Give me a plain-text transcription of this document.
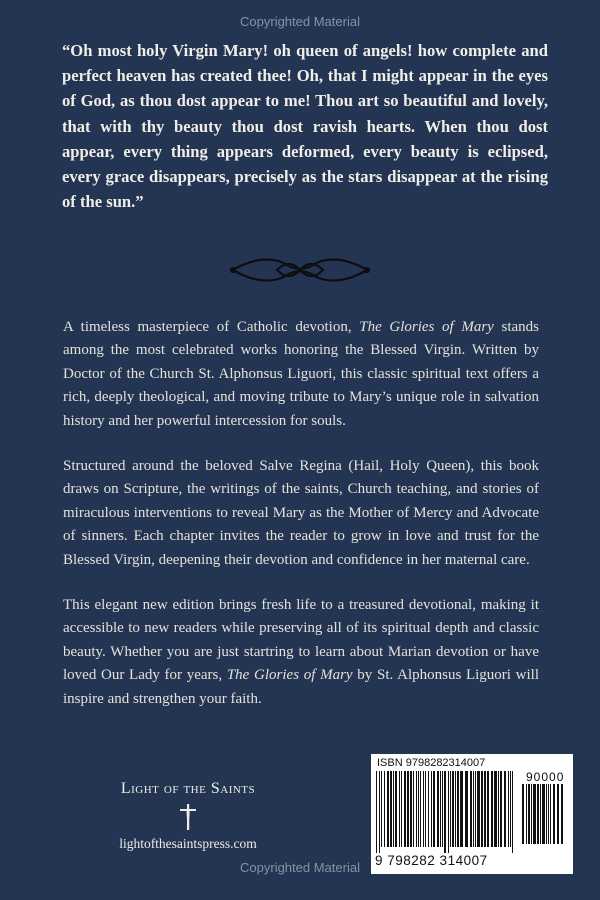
Copyrighted Material
“Oh most holy Virgin Mary! oh queen of angels! how complete and perfect heaven has created thee! Oh, that I might appear in the eyes of God, as thou dost appear to me! Thou art so beautiful and lovely, that with thy beauty thou dost ravish hearts. When thou dost appear, every thing appears deformed, every beauty is eclipsed, every grace disappears, precisely as the stars disappear at the rising of the sun.”

A timeless masterpiece of Catholic devotion, The Glories of Mary stands among the most celebrated works honoring the Blessed Virgin. Written by Doctor of the Church St. Alphonsus Liguori, this classic spiritual text offers a rich, deeply theological, and moving tribute to Mary’s unique role in salvation history and her powerful intercession for souls.

Structured around the beloved Salve Regina (Hail, Holy Queen), this book draws on Scripture, the writings of the saints, Church teaching, and stories of miraculous interventions to reveal Mary as the Mother of Mercy and Advocate of sinners. Each chapter invites the reader to grow in love and trust for the Blessed Virgin, deepening their devotion and confidence in her maternal care.

This elegant new edition brings fresh life to a treasured devotional, making it accessible to new readers while preserving all of its spiritual depth and classic beauty. Whether you are just startring to learn about Marian devotion or have loved Our Lady for years, The Glories of Mary by St. Alphonsus Liguori will inspire and strengthen your faith.

Light of the Saints
lightofthesaintspress.com
ISBN 9798282314007
90000
9 798282 314007
Copyrighted Material
